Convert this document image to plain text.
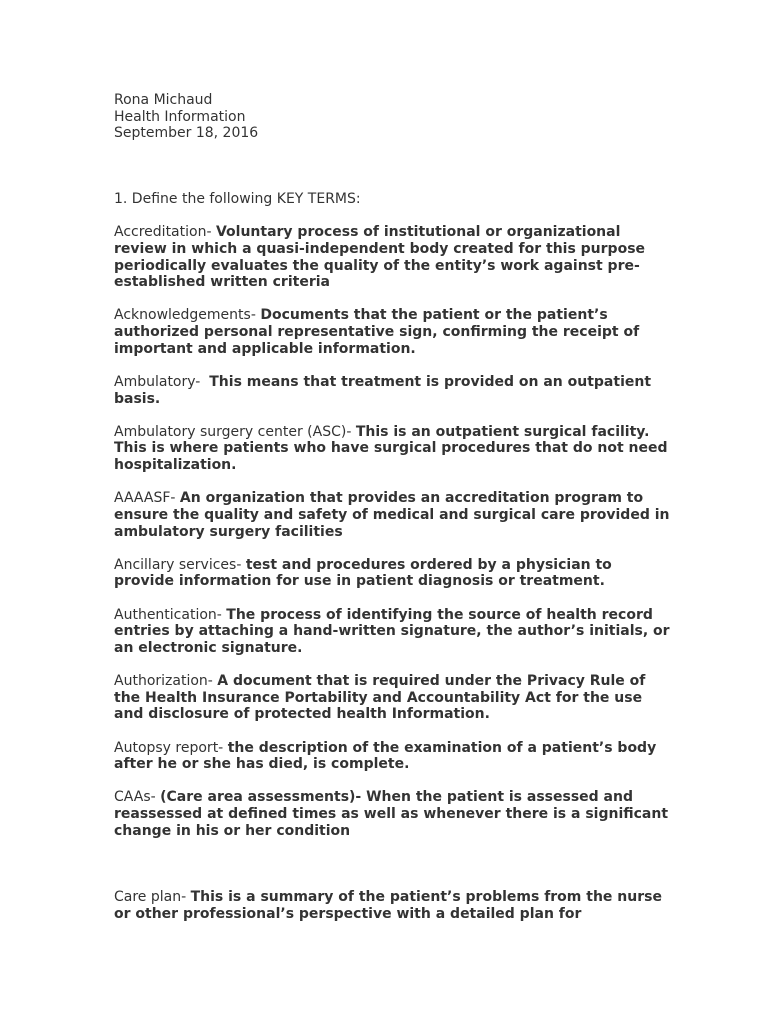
Rona Michaud
Health Information
September 18, 2016
1. Define the following KEY TERMS:
Accreditation- Voluntary process of institutional or organizational review in which a quasi-independent body created for this purpose periodically evaluates the quality of the entity’s work against pre-established written criteria
Acknowledgements- Documents that the patient or the patient’s authorized personal representative sign, confirming the receipt of important and applicable information.
Ambulatory-  This means that treatment is provided on an outpatient basis.
Ambulatory surgery center (ASC)- This is an outpatient surgical facility. This is where patients who have surgical procedures that do not need hospitalization.
AAAASF- An organization that provides an accreditation program to ensure the quality and safety of medical and surgical care provided in ambulatory surgery facilities
Ancillary services- test and procedures ordered by a physician to provide information for use in patient diagnosis or treatment.
Authentication- The process of identifying the source of health record entries by attaching a hand-written signature, the author’s initials, or an electronic signature.
Authorization- A document that is required under the Privacy Rule of the Health Insurance Portability and Accountability Act for the use and disclosure of protected health Information.
Autopsy report- the description of the examination of a patient’s body after he or she has died, is complete.
CAAs- (Care area assessments)- When the patient is assessed and reassessed at defined times as well as whenever there is a significant change in his or her condition
Care plan- This is a summary of the patient’s problems from the nurse or other professional’s perspective with a detailed plan for
